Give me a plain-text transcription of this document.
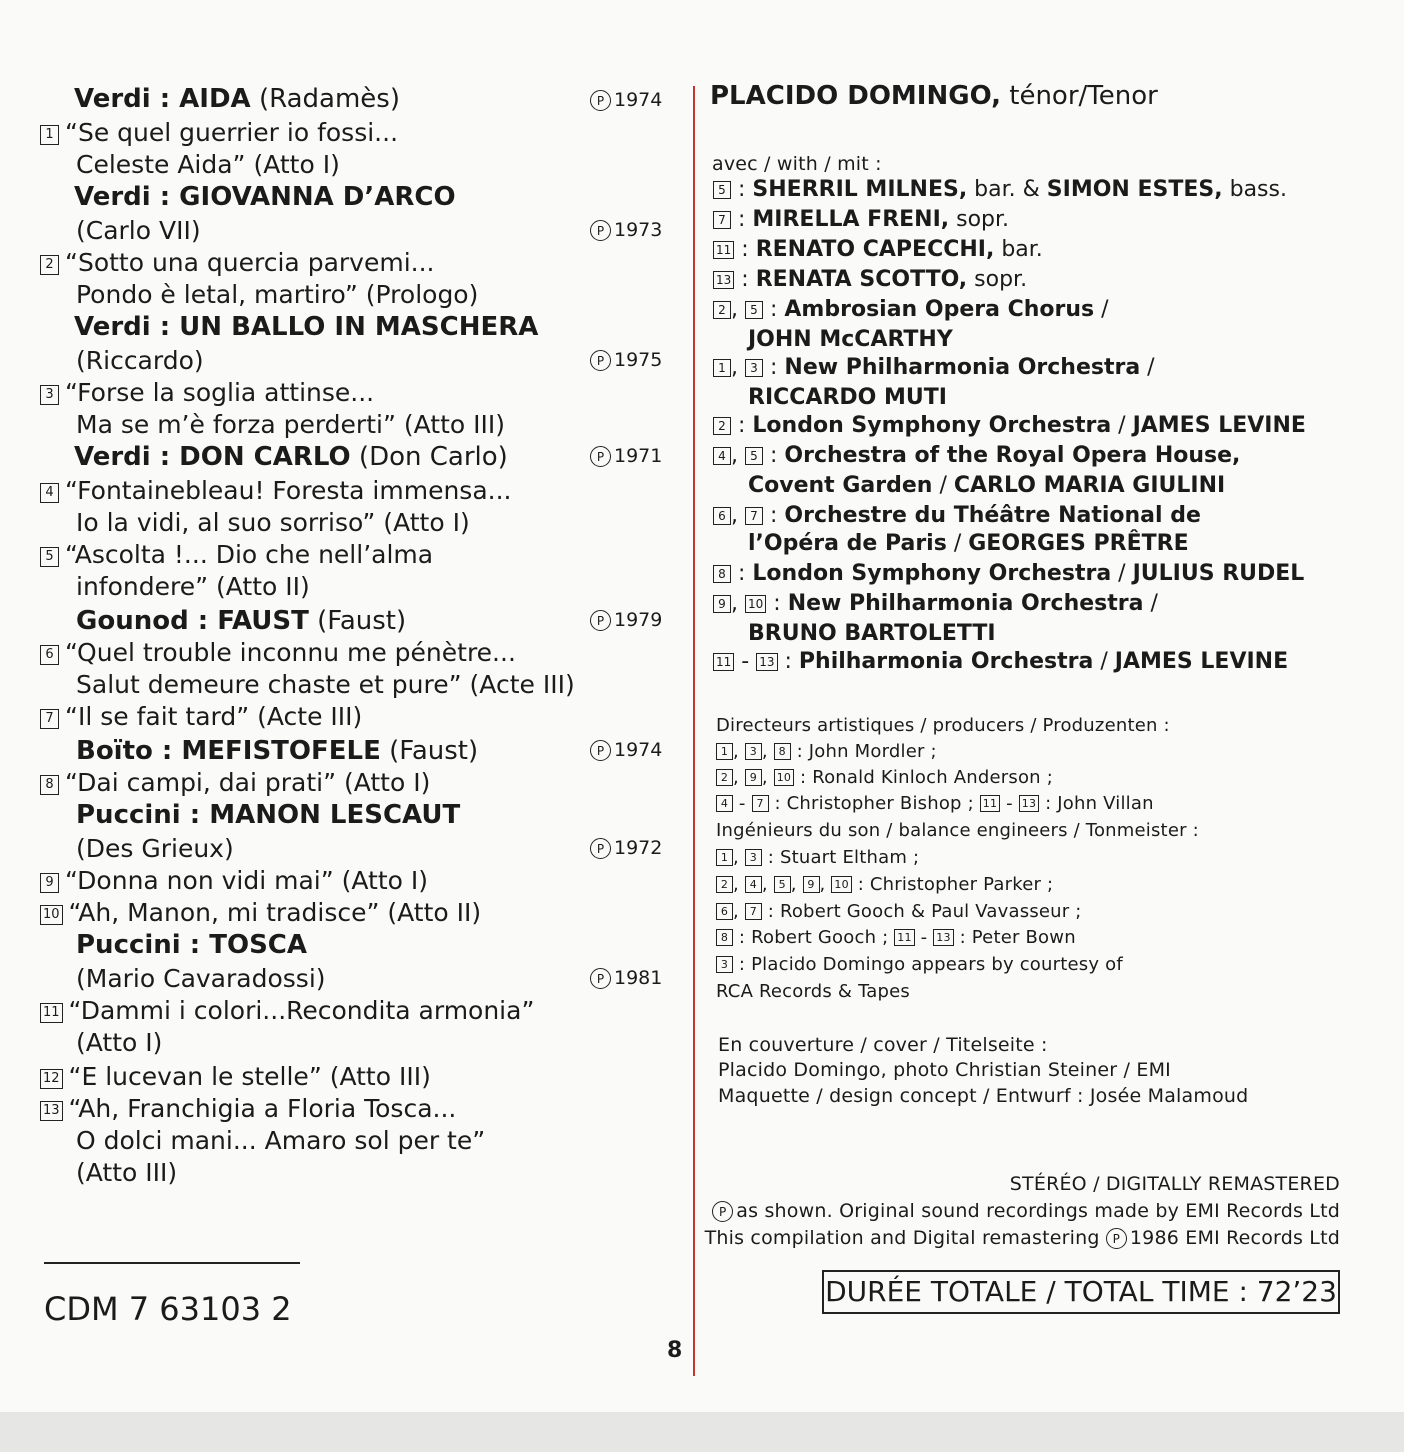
Verdi : AIDA (Radamès)
1 “Se quel guerrier io fossi...
Celeste Aida” (Atto I)
Verdi : GIOVANNA D’ARCO
(Carlo VII)
2 “Sotto una quercia parvemi...
Pondo è letal, martiro” (Prologo)
Verdi : UN BALLO IN MASCHERA
(Riccardo)
3 “Forse la soglia attinse...
Ma se m’è forza perderti” (Atto III)
Verdi : DON CARLO (Don Carlo)
4 “Fontainebleau! Foresta immensa...
Io la vidi, al suo sorriso” (Atto I)
5 “Ascolta !... Dio che nell’alma
infondere” (Atto II)
Gounod : FAUST (Faust)
6 “Quel trouble inconnu me pénètre...
Salut demeure chaste et pure” (Acte III)
7 “Il se fait tard” (Acte III)
Boïto : MEFISTOFELE (Faust)
8 “Dai campi, dai prati” (Atto I)
Puccini : MANON LESCAUT
(Des Grieux)
9 “Donna non vidi mai” (Atto I)
10 “Ah, Manon, mi tradisce” (Atto II)
Puccini : TOSCA
(Mario Cavaradossi)
11 “Dammi i colori...Recondita armonia”
(Atto I)
12 “E lucevan le stelle” (Atto III)
13 “Ah, Franchigia a Floria Tosca...
O dolci mani... Amaro sol per te”
(Atto III)
P 1974
P 1973
P 1975
P 1971
P 1979
P 1974
P 1972
P 1981
PLACIDO DOMINGO, ténor/Tenor
avec / with / mit :
5 : SHERRIL MILNES, bar. & SIMON ESTES, bass.
7 : MIRELLA FRENI, sopr.
11 : RENATO CAPECCHI, bar.
13 : RENATA SCOTTO, sopr.
2 , 5 : Ambrosian Opera Chorus /
JOHN McCARTHY
1 , 3 : New Philharmonia Orchestra /
RICCARDO MUTI
2 : London Symphony Orchestra / JAMES LEVINE
4 , 5 : Orchestra of the Royal Opera House,
Covent Garden / CARLO MARIA GIULINI
6 , 7 : Orchestre du Théâtre National de
l’Opéra de Paris / GEORGES PRÊTRE
8 : London Symphony Orchestra / JULIUS RUDEL
9 , 10 : New Philharmonia Orchestra /
BRUNO BARTOLETTI
11 - 13 : Philharmonia Orchestra / JAMES LEVINE
Directeurs artistiques / producers / Produzenten :
1 , 3 , 8 : John Mordler ;
2 , 9 , 10 : Ronald Kinloch Anderson ;
4 - 7 : Christopher Bishop ; 11 - 13 : John Villan
Ingénieurs du son / balance engineers / Tonmeister :
1 , 3 : Stuart Eltham ;
2 , 4 , 5 , 9 , 10 : Christopher Parker ;
6 , 7 : Robert Gooch & Paul Vavasseur ;
8 : Robert Gooch ; 11 - 13 : Peter Bown
3 : Placido Domingo appears by courtesy of
RCA Records & Tapes
En couverture / cover / Titelseite :
Placido Domingo, photo Christian Steiner / EMI
Maquette / design concept / Entwurf : Josée Malamoud
STÉRÉO / DIGITALLY REMASTERED
P as shown. Original sound recordings made by EMI Records Ltd
This compilation and Digital remastering P 1986 EMI Records Ltd
DURÉE TOTALE / TOTAL TIME : 72’23
CDM 7 63103 2
8
